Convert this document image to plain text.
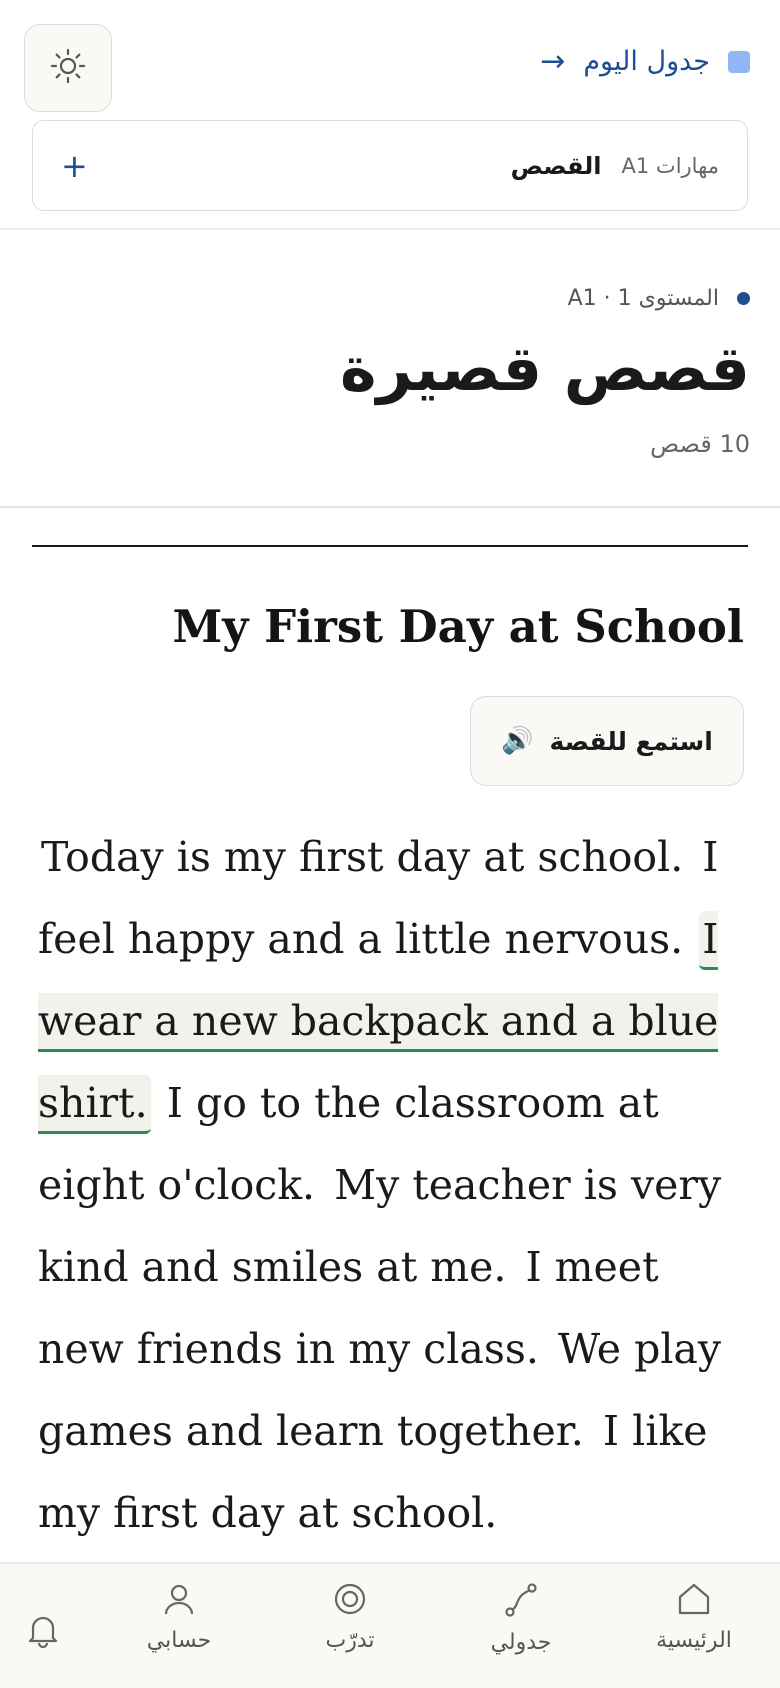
جدول اليوم
→
مهارات A1
القصص
+
المستوى A1 · 1
قصص قصيرة
10 قصص
My First Day at School
استمع للقصة
🔊
Today is my first day at school. I feel happy and a little nervous. I wear a new backpack and a blue shirt. I go to the classroom at eight o'clock. My teacher is very kind and smiles at me. I meet new friends in my class. We play games and learn together. I like my first day at school.
حسابي	تدرّب	جدولي	الرئيسية
